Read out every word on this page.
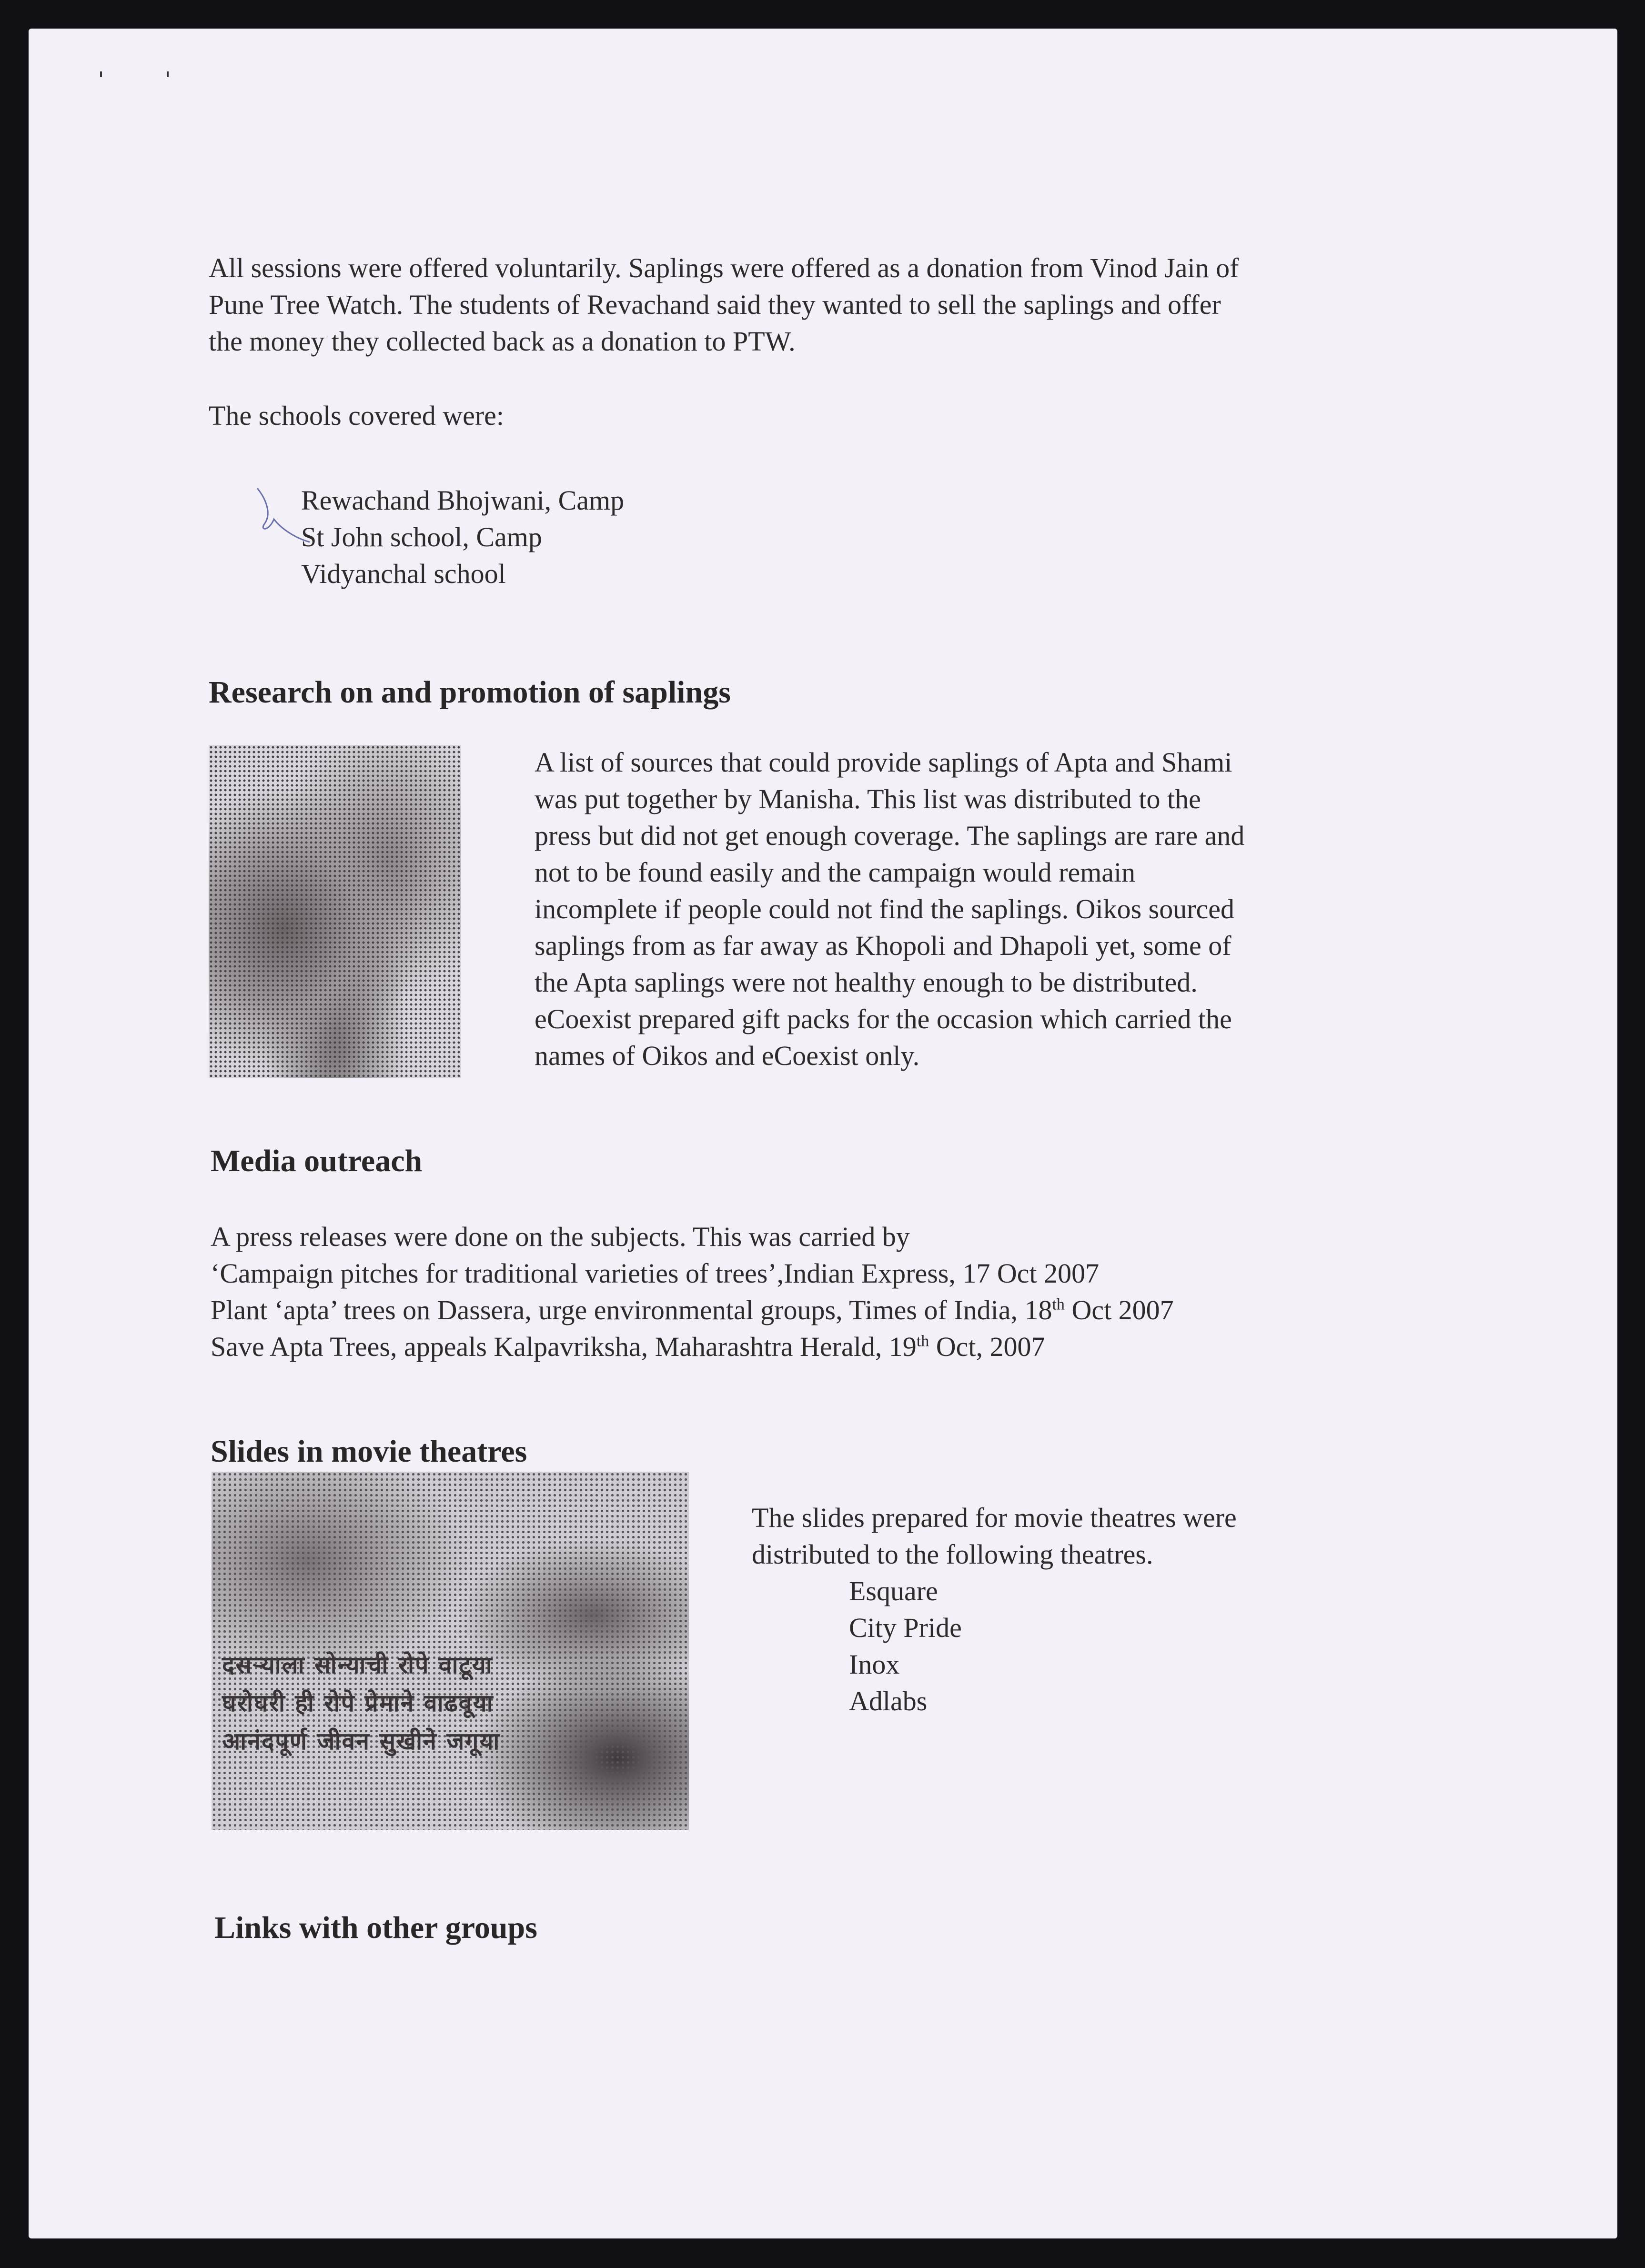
All sessions were offered voluntarily. Saplings were offered as a donation from Vinod Jain of
Pune Tree Watch. The students of Revachand said they wanted to sell the saplings and offer
the money they collected back as a donation to PTW.
The schools covered were:
Rewachand Bhojwani, Camp
St John school, Camp
Vidyanchal school
Research on and promotion of saplings
A list of sources that could provide saplings of Apta and Shami
was put together by Manisha. This list was distributed to the
press but did not get enough coverage. The saplings are rare and
not to be found easily and the campaign would remain
incomplete if people could not find the saplings. Oikos sourced
saplings from as far away as Khopoli and Dhapoli yet, some of
the Apta saplings were not healthy enough to be distributed.
eCoexist prepared gift packs for the occasion which carried the
names of Oikos and eCoexist only.
Media outreach
A press releases were done on the subjects. This was carried by
‘Campaign pitches for traditional varieties of trees’,Indian Express, 17 Oct 2007
Plant ‘apta’ trees on Dassera, urge environmental groups, Times of India, 18th Oct 2007
Save Apta Trees, appeals Kalpavriksha, Maharashtra Herald, 19th Oct, 2007
Slides in movie theatres
दसऱ्याला सोन्याची रोपे वाटूया
घरोघरी ही रोपे प्रेमाने वाढवूया
आनंदपूर्ण जीवन सुखीने जगूया
The slides prepared for movie theatres were
distributed to the following theatres.
Esquare
City Pride
Inox
Adlabs
Links with other groups
